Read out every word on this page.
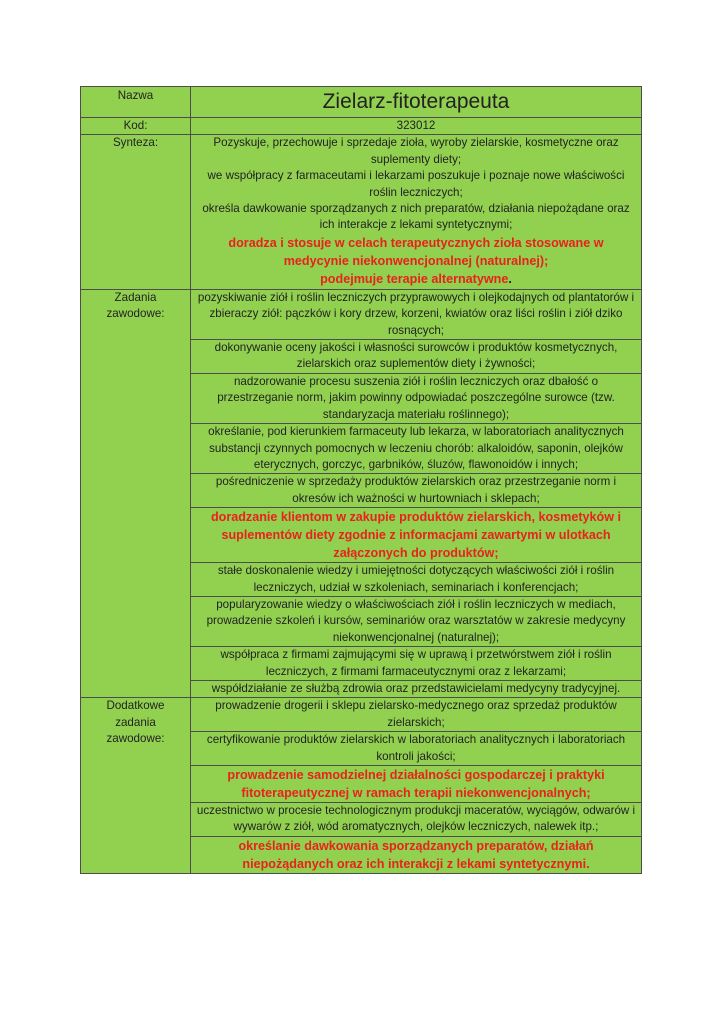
Nazwa	Zielarz-fitoterapeuta
Kod:	323012
Synteza:	Pozyskuje, przechowuje i sprzedaje zioła, wyroby zielarskie, kosmetyczne oraz suplementy diety;
we współpracy z farmaceutami i lekarzami poszukuje i poznaje nowe właściwości roślin leczniczych;
określa dawkowanie sporządzanych z nich preparatów, działania niepożądane oraz ich interakcje z lekami syntetycznymi;
doradza i stosuje w celach terapeutycznych zioła stosowane w medycynie niekonwencjonalnej (naturalnej);
podejmuje terapie alternatywne.

Zadania
zawodowe:	pozyskiwanie ziół i roślin leczniczych przyprawowych i olejkodajnych od plantatorów i zbieraczy ziół: pączków i kory drzew, korzeni, kwiatów oraz liści roślin i ziół dziko rosnących;

	dokonywanie oceny jakości i własności surowców i produktów kosmetycznych, zielarskich oraz suplementów diety i żywności;

	nadzorowanie procesu suszenia ziół i roślin leczniczych oraz dbałość o przestrzeganie norm, jakim powinny odpowiadać poszczególne surowce (tzw. standaryzacja materiału roślinnego);

	określanie, pod kierunkiem farmaceuty lub lekarza, w laboratoriach analitycznych substancji czynnych pomocnych w leczeniu chorób: alkaloidów, saponin, olejków eterycznych, gorczyc, garbników, śluzów, flawonoidów i innych;

	pośredniczenie w sprzedaży produktów zielarskich oraz przestrzeganie norm i okresów ich ważności w hurtowniach i sklepach;

	doradzanie klientom w zakupie produktów zielarskich, kosmetyków i suplementów diety zgodnie z informacjami zawartymi w ulotkach załączonych do produktów;

	stałe doskonalenie wiedzy i umiejętności dotyczących właściwości ziół i roślin leczniczych, udział w szkoleniach, seminariach i konferencjach;

	popularyzowanie wiedzy o właściwościach ziół i roślin leczniczych w mediach, prowadzenie szkoleń i kursów, seminariów oraz warsztatów w zakresie medycyny niekonwencjonalnej (naturalnej);

	współpraca z firmami zajmującymi się w uprawą i przetwórstwem ziół i roślin leczniczych, z firmami farmaceutycznymi oraz z lekarzami;

	współdziałanie ze służbą zdrowia oraz przedstawicielami medycyny tradycyjnej.

Dodatkowe
zadania
zawodowe:	prowadzenie drogerii i sklepu zielarsko-medycznego oraz sprzedaż produktów zielarskich;

	certyfikowanie produktów zielarskich w laboratoriach analitycznych i laboratoriach kontroli jakości;

	prowadzenie samodzielnej działalności gospodarczej i praktyki fitoterapeutycznej w ramach terapii niekonwencjonalnych;

	uczestnictwo w procesie technologicznym produkcji maceratów, wyciągów, odwarów i wywarów z ziół, wód aromatycznych, olejków leczniczych, nalewek itp.;

	określanie dawkowania sporządzanych preparatów, działań niepożądanych oraz ich interakcji z lekami syntetycznymi.
